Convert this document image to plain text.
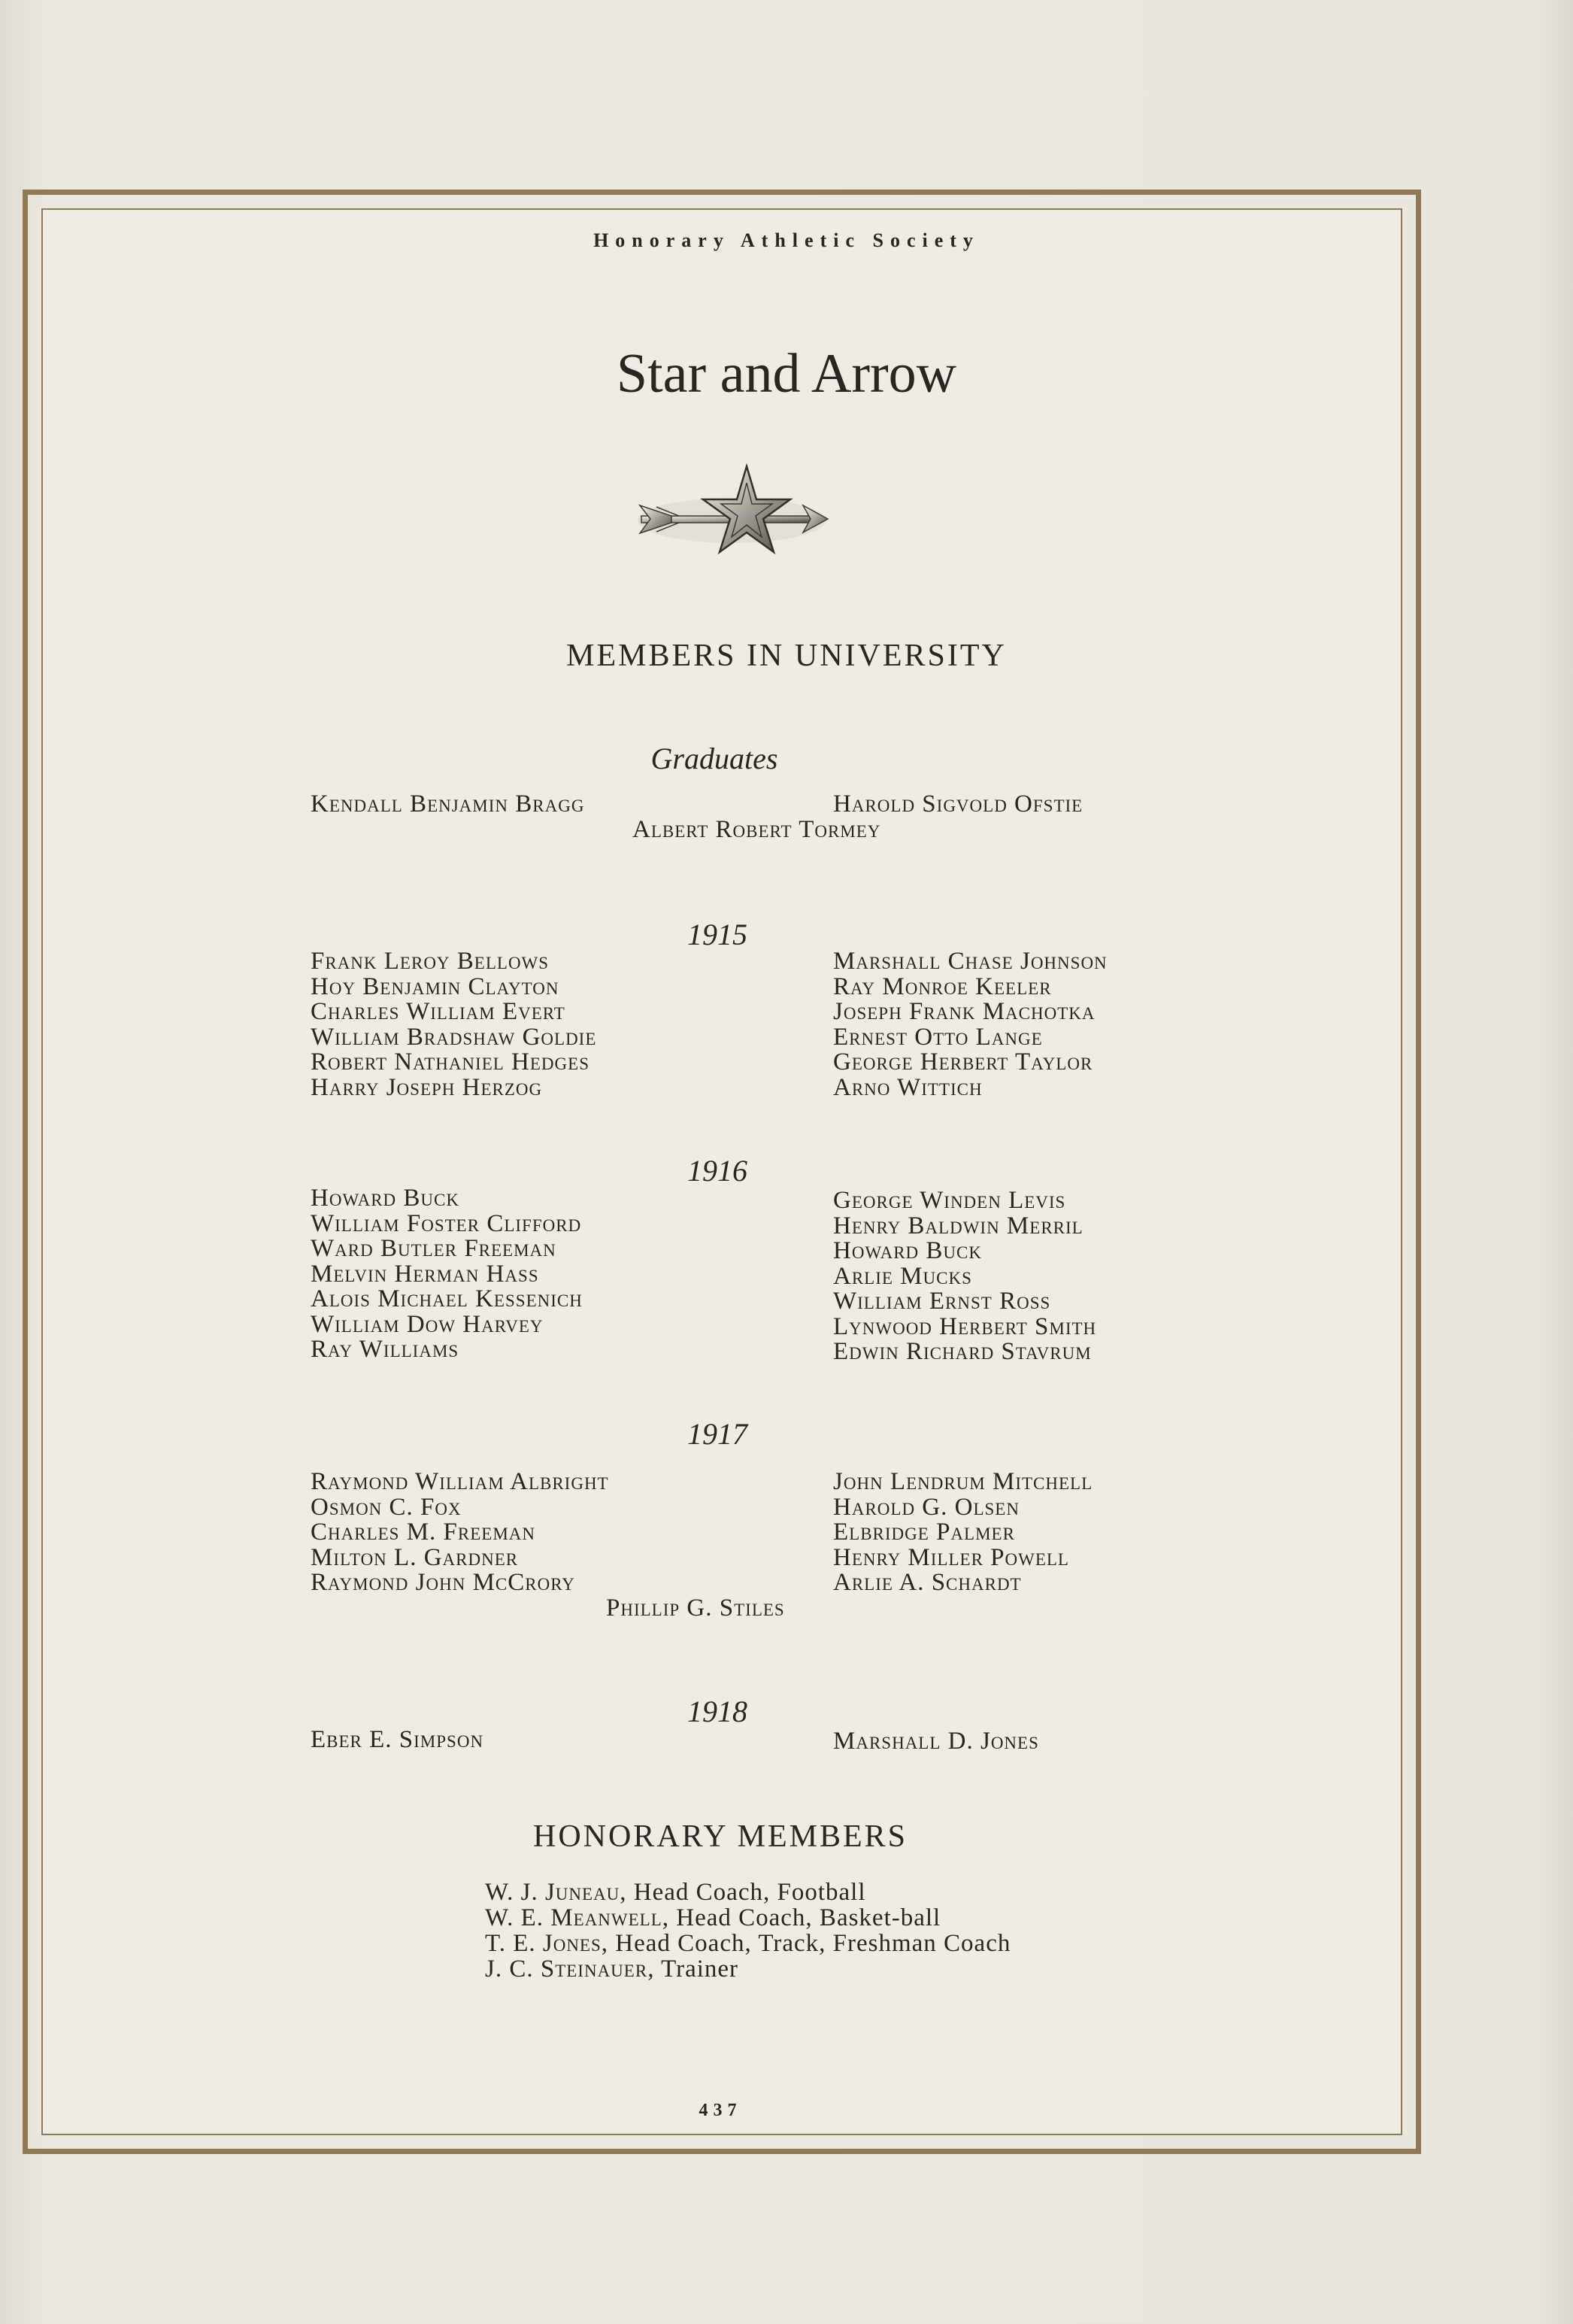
Honorary Athletic Society
Star and Arrow
MEMBERS IN UNIVERSITY
Graduates
Kendall Benjamin Bragg	Harold Sigvold Ofstie
Albert Robert Tormey
1915
Frank Leroy Bellows
Hoy Benjamin Clayton
Charles William Evert
William Bradshaw Goldie
Robert Nathaniel Hedges
Harry Joseph Herzog
Marshall Chase Johnson
Ray Monroe Keeler
Joseph Frank Machotka
Ernest Otto Lange
George Herbert Taylor
Arno Wittich
1916
Howard Buck
William Foster Clifford
Ward Butler Freeman
Melvin Herman Hass
Alois Michael Kessenich
William Dow Harvey
Ray Williams
George Winden Levis
Henry Baldwin Merril
Howard Buck
Arlie Mucks
William Ernst Ross
Lynwood Herbert Smith
Edwin Richard Stavrum
1917
Raymond William Albright
Osmon C. Fox
Charles M. Freeman
Milton L. Gardner
Raymond John McCrory
John Lendrum Mitchell
Harold G. Olsen
Elbridge Palmer
Henry Miller Powell
Arlie A. Schardt
Phillip G. Stiles
1918
Eber E. Simpson	Marshall D. Jones
HONORARY MEMBERS
W. J. Juneau, Head Coach, Football
W. E. Meanwell, Head Coach, Basket-ball
T. E. Jones, Head Coach, Track, Freshman Coach
J. C. Steinauer, Trainer
437
